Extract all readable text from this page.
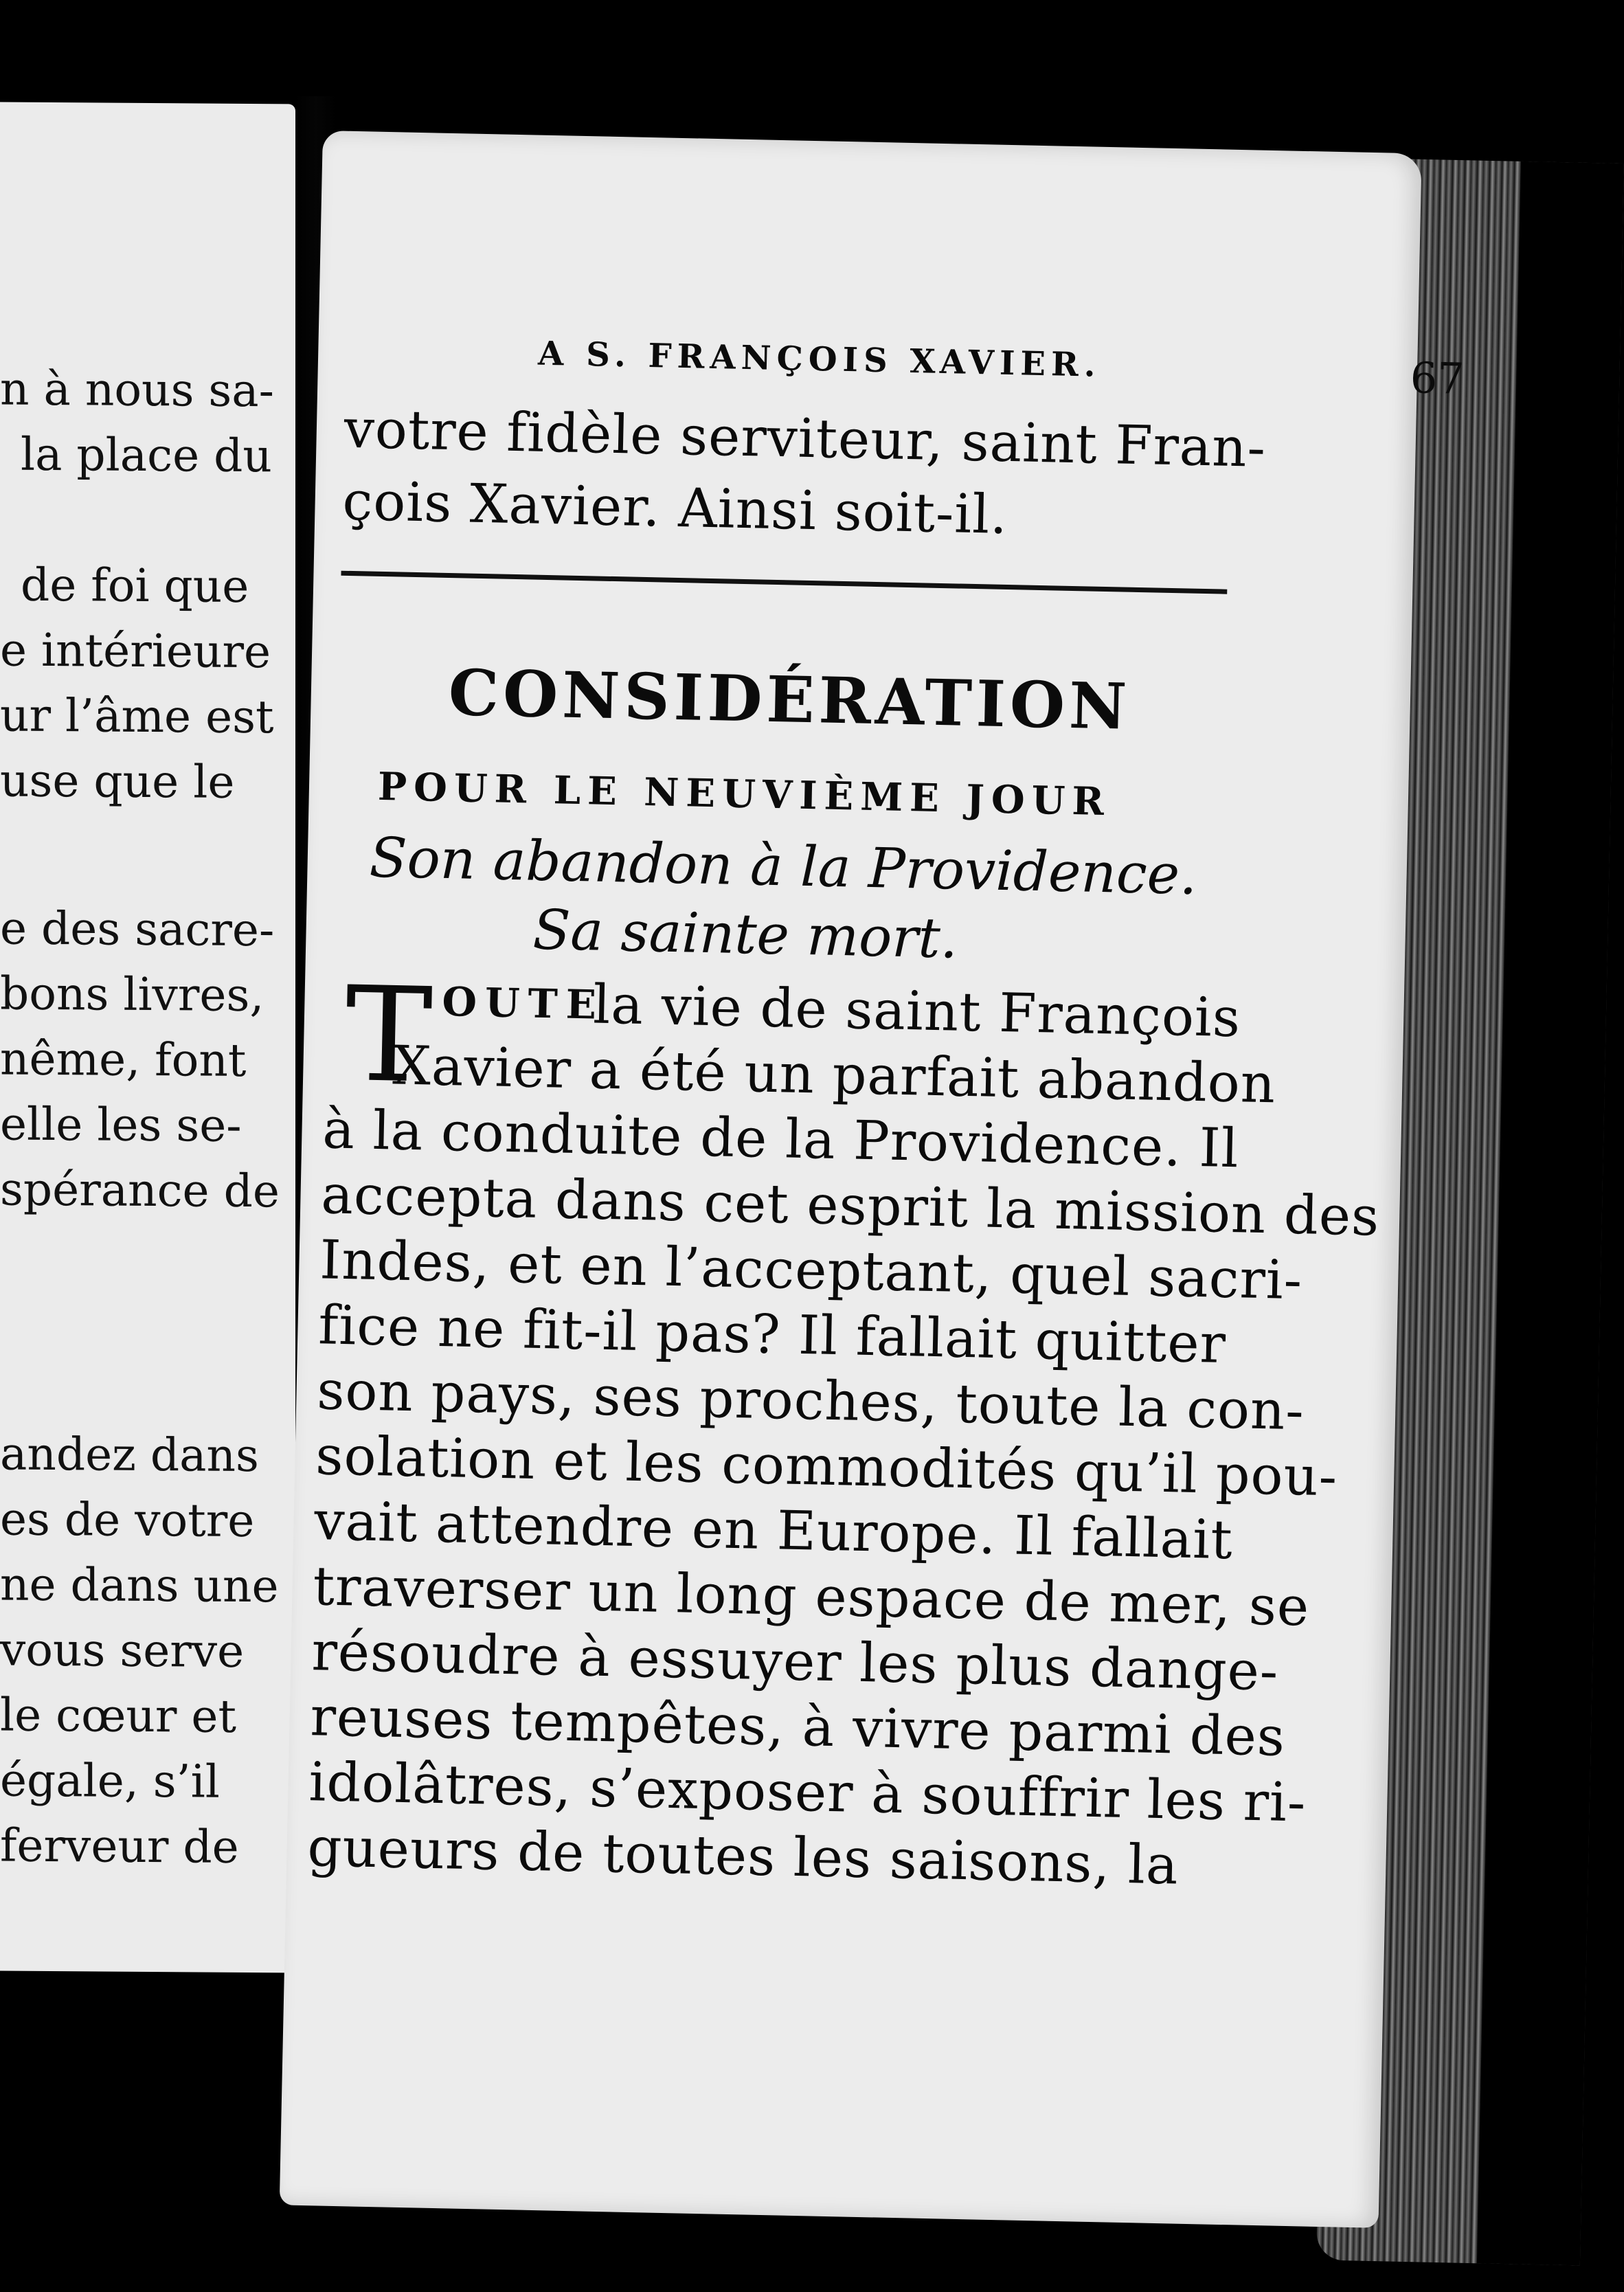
n à nous sa-
la place du
de foi que
e intérieure
ur l’âme est
use que le
e des sacre-
bons livres,
nême, font
elle les se-
spérance de
andez dans
es de votre
ne dans une
vous serve
le cœur et
égale, s’il
ferveur de
A S. FRANÇOIS XAVIER.	67
votre fidèle serviteur, saint Fran-
çois Xavier. Ainsi soit-il.
CONSIDÉRATION
POUR LE NEUVIÈME JOUR
Son abandon à la Providence.
Sa sainte mort.
T OUTE
la vie de saint François
Xavier a été un parfait abandon
à la conduite de la Providence. Il
accepta dans cet esprit la mission des
Indes, et en l’acceptant, quel sacri-
fice ne fit-il pas? Il fallait quitter
son pays, ses proches, toute la con-
solation et les commodités qu’il pou-
vait attendre en Europe. Il fallait
traverser un long espace de mer, se
résoudre à essuyer les plus dange-
reuses tempêtes, à vivre parmi des
idolâtres, s’exposer à souffrir les ri-
gueurs de toutes les saisons, la
